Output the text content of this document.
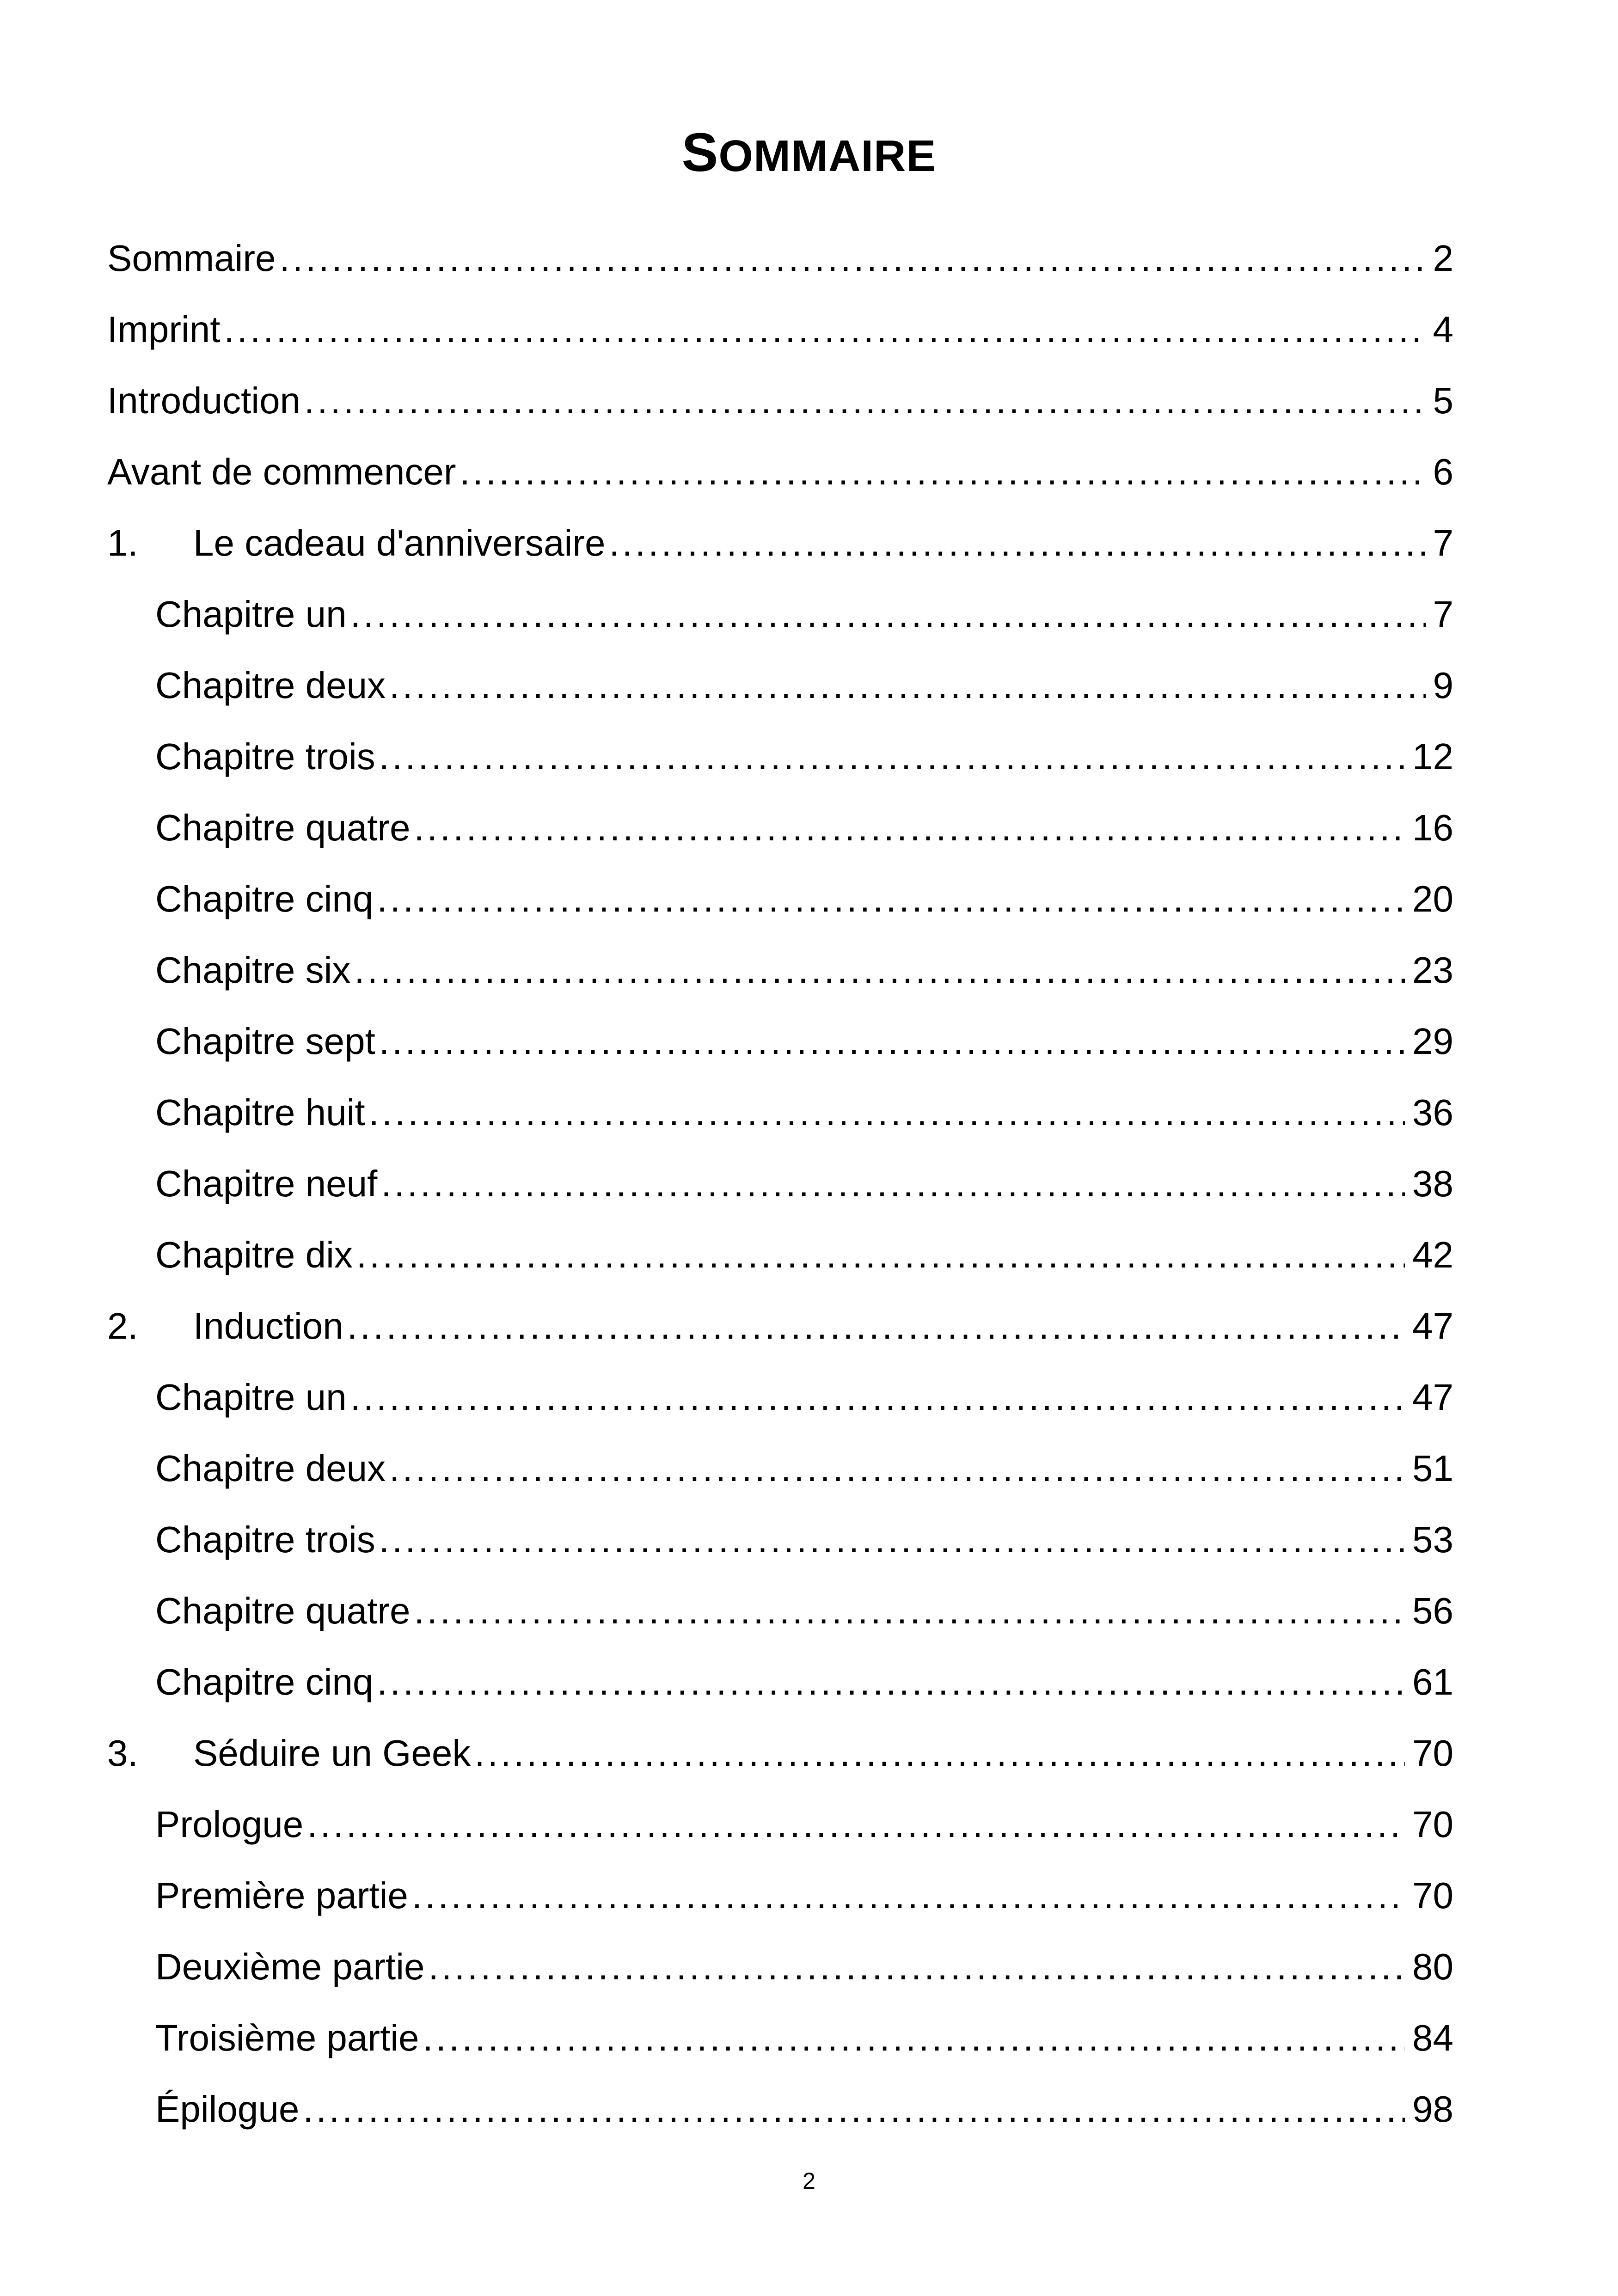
SOMMAIRE
Sommaire .....	2
Imprint .....	4
Introduction .....	5
Avant de commencer .....	6
1.	Le cadeau d'anniversaire .....	7
Chapitre un .....	7
Chapitre deux .....	9
Chapitre trois .....	12
Chapitre quatre .....	16
Chapitre cinq .....	20
Chapitre six .....	23
Chapitre sept .....	29
Chapitre huit .....	36
Chapitre neuf .....	38
Chapitre dix .....	42
2.	Induction .....	47
Chapitre un .....	47
Chapitre deux .....	51
Chapitre trois .....	53
Chapitre quatre .....	56
Chapitre cinq .....	61
3.	Séduire un Geek .....	70
Prologue .....	70
Première partie .....	70
Deuxième partie .....	80
Troisième partie .....	84
Épilogue .....	98
2
